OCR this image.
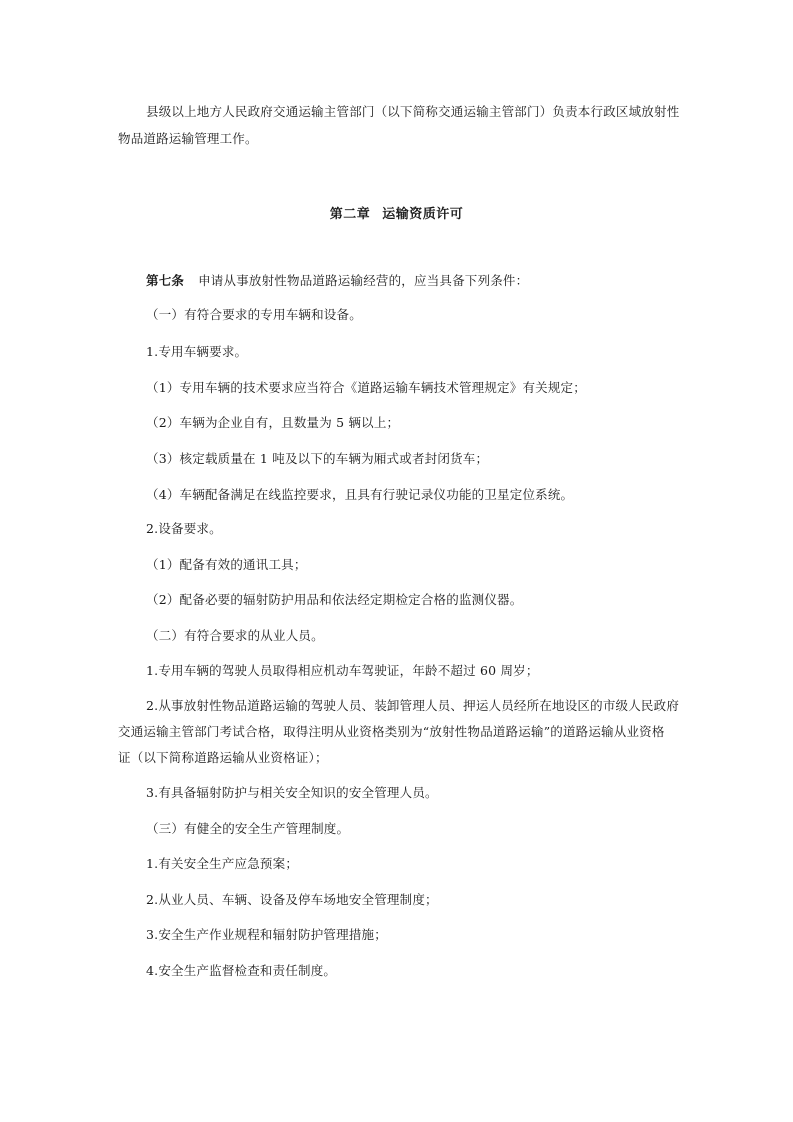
县级以上地方人民政府交通运输主管部门（以下简称交通运输主管部门）负责本行政区域放射性
物品道路运输管理工作。
第二章 运输资质许可
第七条 申请从事放射性物品道路运输经营的，应当具备下列条件：
（一）有符合要求的专用车辆和设备。
1.专用车辆要求。
（1）专用车辆的技术要求应当符合《道路运输车辆技术管理规定》有关规定；
（2）车辆为企业自有，且数量为 5 辆以上；
（3）核定载质量在 1 吨及以下的车辆为厢式或者封闭货车；
（4）车辆配备满足在线监控要求，且具有行驶记录仪功能的卫星定位系统。
2.设备要求。
（1）配备有效的通讯工具；
（2）配备必要的辐射防护用品和依法经定期检定合格的监测仪器。
（二）有符合要求的从业人员。
1.专用车辆的驾驶人员取得相应机动车驾驶证，年龄不超过 60 周岁；
2.从事放射性物品道路运输的驾驶人员、装卸管理人员、押运人员经所在地设区的市级人民政府
交通运输主管部门考试合格，取得注明从业资格类别为“放射性物品道路运输”的道路运输从业资格
证（以下简称道路运输从业资格证）；
3.有具备辐射防护与相关安全知识的安全管理人员。
（三）有健全的安全生产管理制度。
1.有关安全生产应急预案；
2.从业人员、车辆、设备及停车场地安全管理制度；
3.安全生产作业规程和辐射防护管理措施；
4.安全生产监督检查和责任制度。
